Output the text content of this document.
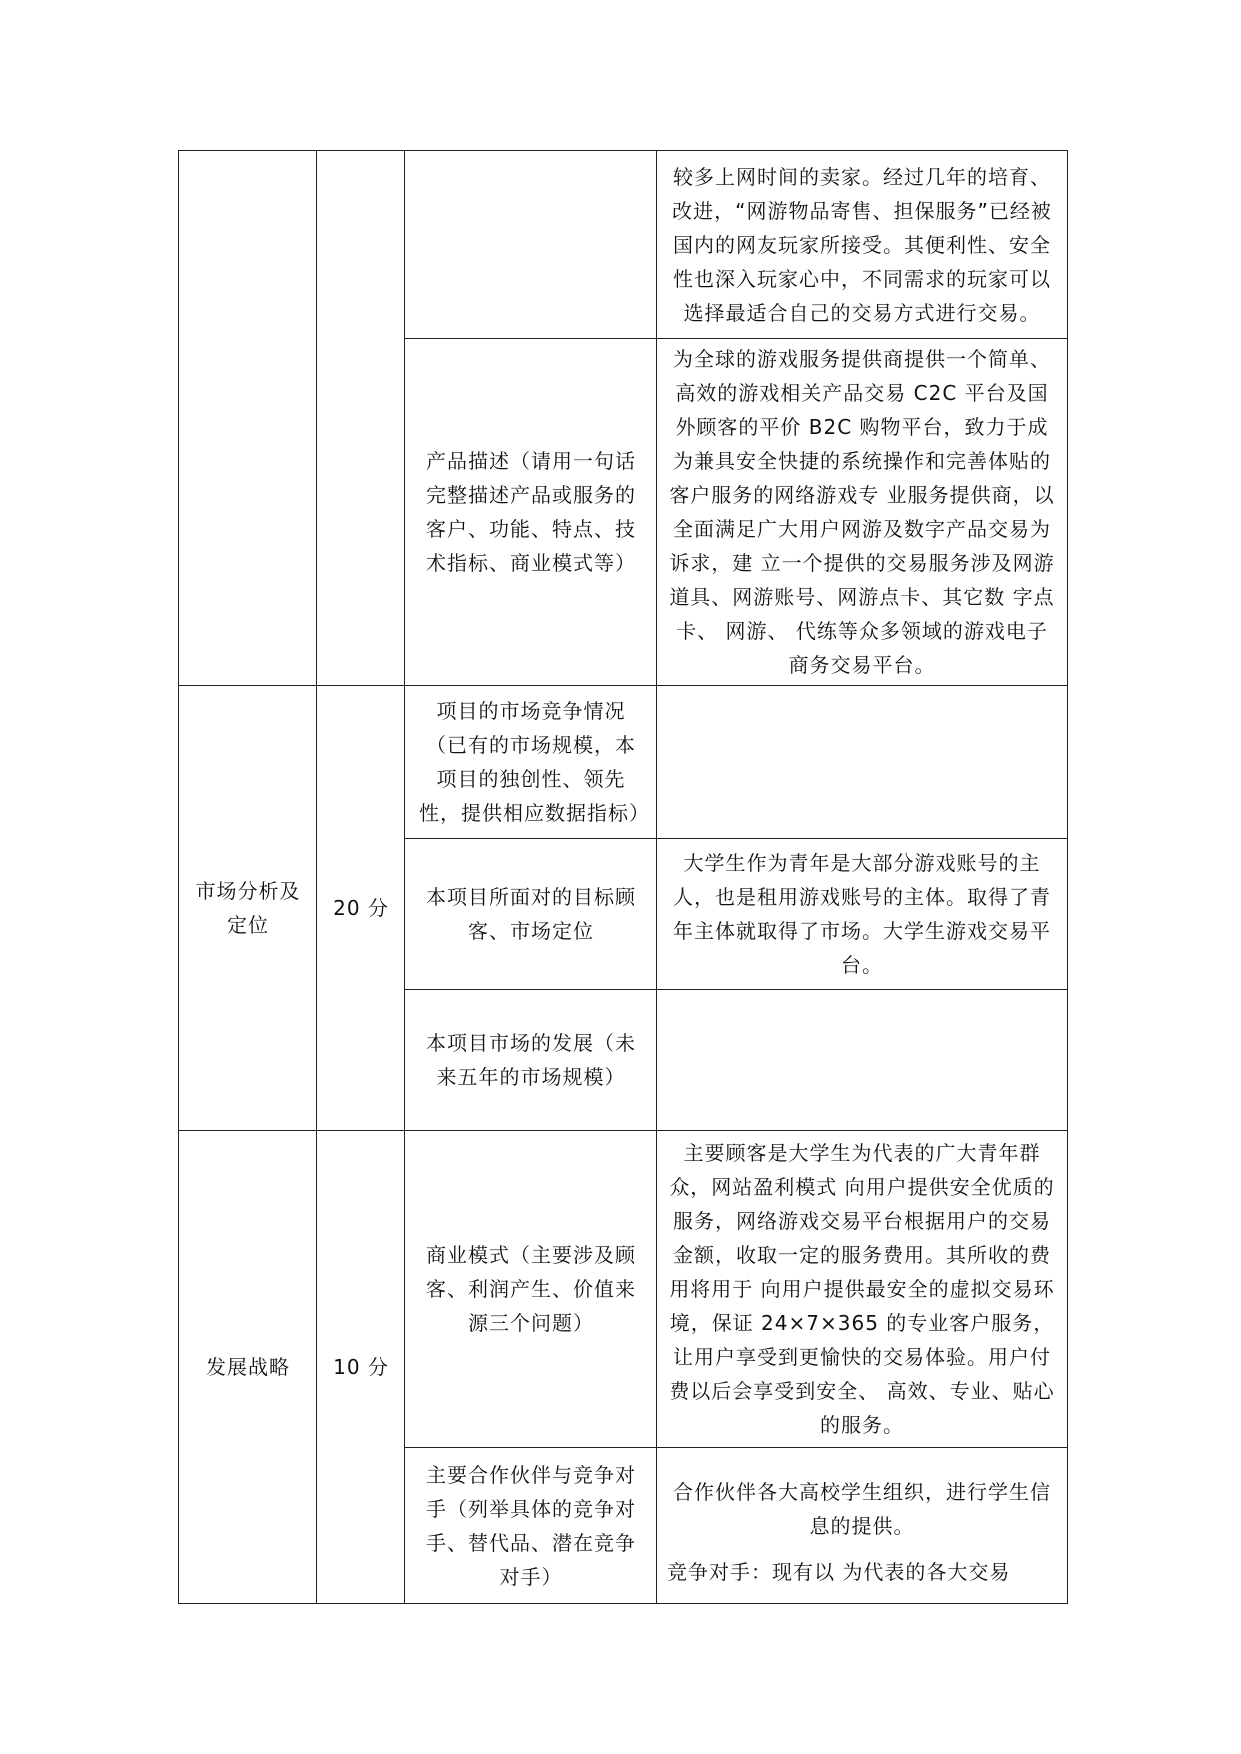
较多上网时间的卖家。经过几年的培育、改进，“网游物品寄售、担保服务”已经被国内的网友玩家所接受。其便利性、安全性也深入玩家心中，不同需求的玩家可以选择最适合自己的交易方式进行交易。
产品描述（请用一句话完整描述产品或服务的客户、功能、特点、技术指标、商业模式等）
为全球的游戏服务提供商提供一个简单、高效的游戏相关产品交易 C2C 平台及国外顾客的平价 B2C 购物平台，致力于成为兼具安全快捷的系统操作和完善体贴的客户服务的网络游戏专 业服务提供商，以全面满足广大用户网游及数字产品交易为诉求，建 立一个提供的交易服务涉及网游道具、网游账号、网游点卡、其它数 字点卡、 网游、 代练等众多领域的游戏电子商务交易平台。
市场分析及定位
20 分
项目的市场竞争情况（已有的市场规模，本项目的独创性、领先性，提供相应数据指标）
本项目所面对的目标顾客、市场定位
大学生作为青年是大部分游戏账号的主人，也是租用游戏账号的主体。取得了青年主体就取得了市场。大学生游戏交易平台。
本项目市场的发展（未来五年的市场规模）
发展战略	10 分
商业模式（主要涉及顾客、利润产生、价值来源三个问题）
主要顾客是大学生为代表的广大青年群众，网站盈利模式 向用户提供安全优质的服务，网络游戏交易平台根据用户的交易金额，收取一定的服务费用。其所收的费用将用于 向用户提供最安全的虚拟交易环境，保证 24×7×365 的专业客户服务，让用户享受到更愉快的交易体验。用户付费以后会享受到安全、 高效、专业、贴心的服务。
主要合作伙伴与竞争对手（列举具体的竞争对手、替代品、潜在竞争对手）
合作伙伴各大高校学生组织，进行学生信息的提供。
竞争对手：现有以 为代表的各大交易
